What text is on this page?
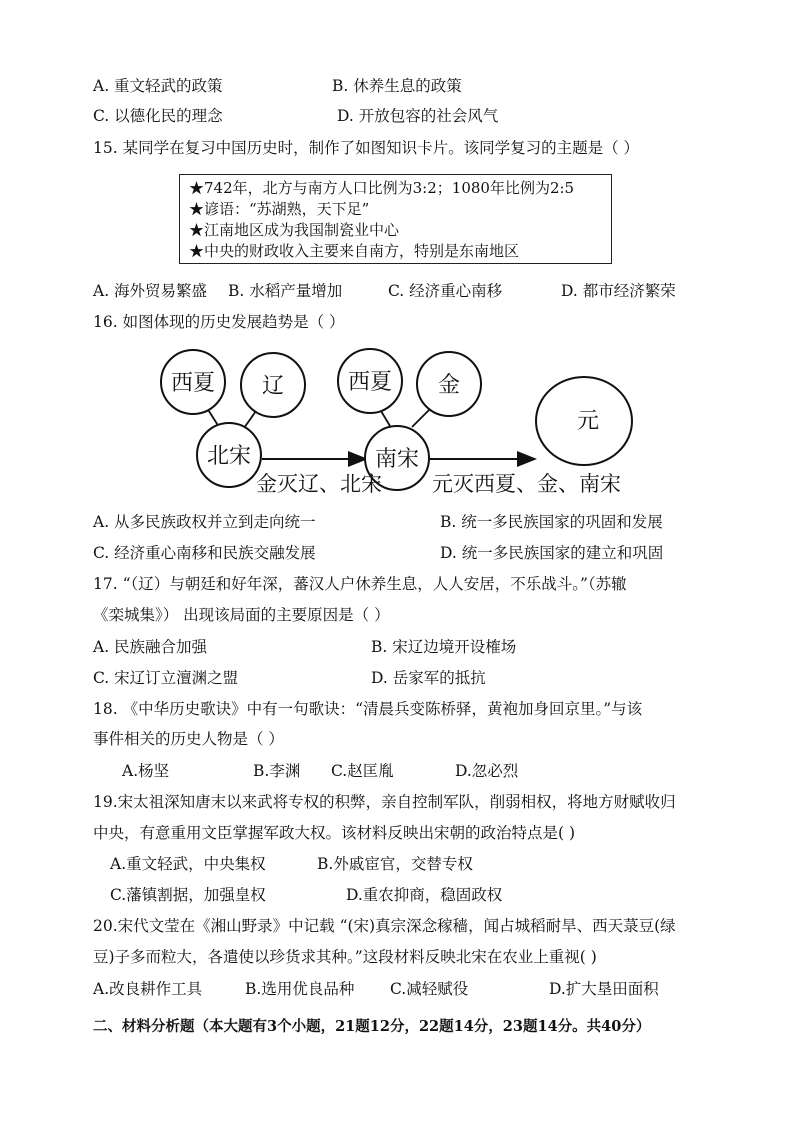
A. 重文轻武的政策	B. 休养生息的政策
C. 以德化民的理念	D. 开放包容的社会风气
15. 某同学在复习中国历史时，制作了如图知识卡片。该同学复习的主题是（ ）
★742年，北方与南方人口比例为3:2；1080年比例为2:5
★谚语：“苏湖熟，天下足”
★江南地区成为我国制瓷业中心
★中央的财政收入主要来自南方，特别是东南地区
A. 海外贸易繁盛 B. 水稻产量增加	C. 经济重心南移	D. 都市经济繁荣
16. 如图体现的历史发展趋势是（ ）
西夏 辽
北宋
西夏 金
南宋
元
金灭辽、北宋 元灭西夏、金、南宋
A. 从多民族政权并立到走向统一	B. 统一多民族国家的巩固和发展
C. 经济重心南移和民族交融发展	D. 统一多民族国家的建立和巩固
17. “（辽）与朝廷和好年深，蕃汉人户休养生息，人人安居，不乐战斗。”（苏辙
《栾城集》） 出现该局面的主要原因是（ ）
A. 民族融合加强	B. 宋辽边境开设榷场
C. 宋辽订立澶渊之盟	D. 岳家军的抵抗
18. 《中华历史歌诀》中有一句歌诀：“清晨兵变陈桥驿，黄袍加身回京里。”与该
事件相关的历史人物是（ ）
A.杨坚	B.李渊 C.赵匡胤	D.忽必烈
19.宋太祖深知唐末以来武将专权的积弊，亲自控制军队，削弱相权，将地方财赋收归
中央，有意重用文臣掌握军政大权。该材料反映出宋朝的政治特点是( )
A.重文轻武，中央集权	B.外戚宦官，交替专权
C.藩镇割据，加强皇权	D.重农抑商，稳固政权
20.宋代文莹在《湘山野录》中记载 “(宋)真宗深念稼穑，闻占城稻耐旱、西天菉豆(绿
豆)子多而粒大，各遣使以珍货求其种。”这段材料反映北宋在农业上重视( )
A.改良耕作工具	B.选用优良品种 C.减轻赋役	D.扩大垦田面积
二、材料分析题（本大题有3个小题，21题12分，22题14分，23题14分。共40分）
